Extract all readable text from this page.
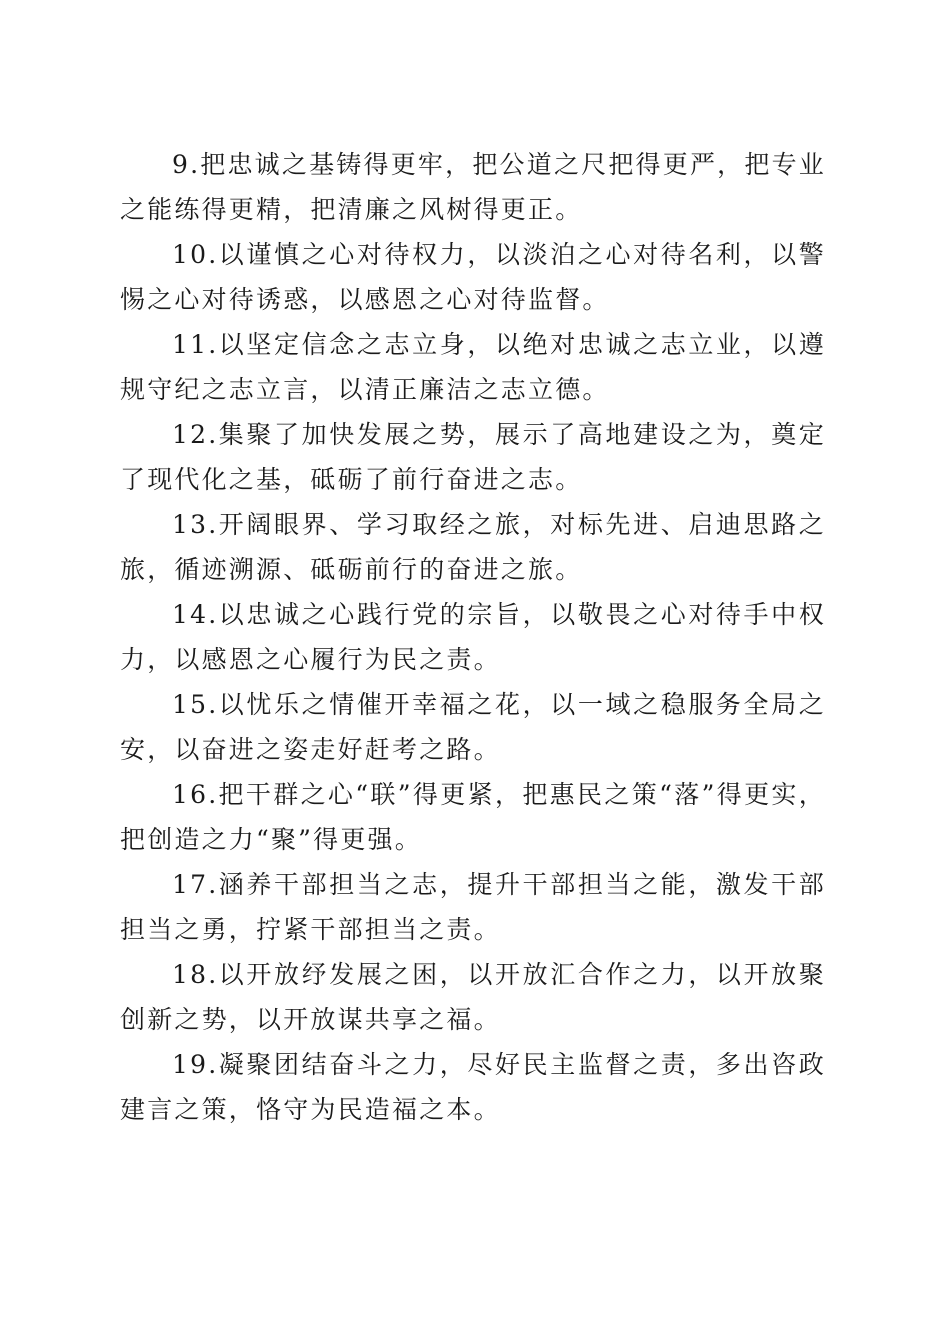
9.把忠诚之基铸得更牢，把公道之尺把得更严，把专业之能练得更精，把清廉之风树得更正。

10.以谨慎之心对待权力，以淡泊之心对待名利，以警惕之心对待诱惑，以感恩之心对待监督。

11.以坚定信念之志立身，以绝对忠诚之志立业，以遵规守纪之志立言，以清正廉洁之志立德。

12.集聚了加快发展之势，展示了高地建设之为，奠定了现代化之基，砥砺了前行奋进之志。

13.开阔眼界、学习取经之旅，对标先进、启迪思路之旅，循迹溯源、砥砺前行的奋进之旅。

14.以忠诚之心践行党的宗旨，以敬畏之心对待手中权力，以感恩之心履行为民之责。

15.以忧乐之情催开幸福之花，以一域之稳服务全局之安，以奋进之姿走好赶考之路。

16.把干群之心“联”得更紧，把惠民之策“落”得更实，把创造之力“聚”得更强。

17.涵养干部担当之志，提升干部担当之能，激发干部担当之勇，拧紧干部担当之责。

18.以开放纾发展之困，以开放汇合作之力，以开放聚创新之势，以开放谋共享之福。

19.凝聚团结奋斗之力，尽好民主监督之责，多出咨政建言之策，恪守为民造福之本。
